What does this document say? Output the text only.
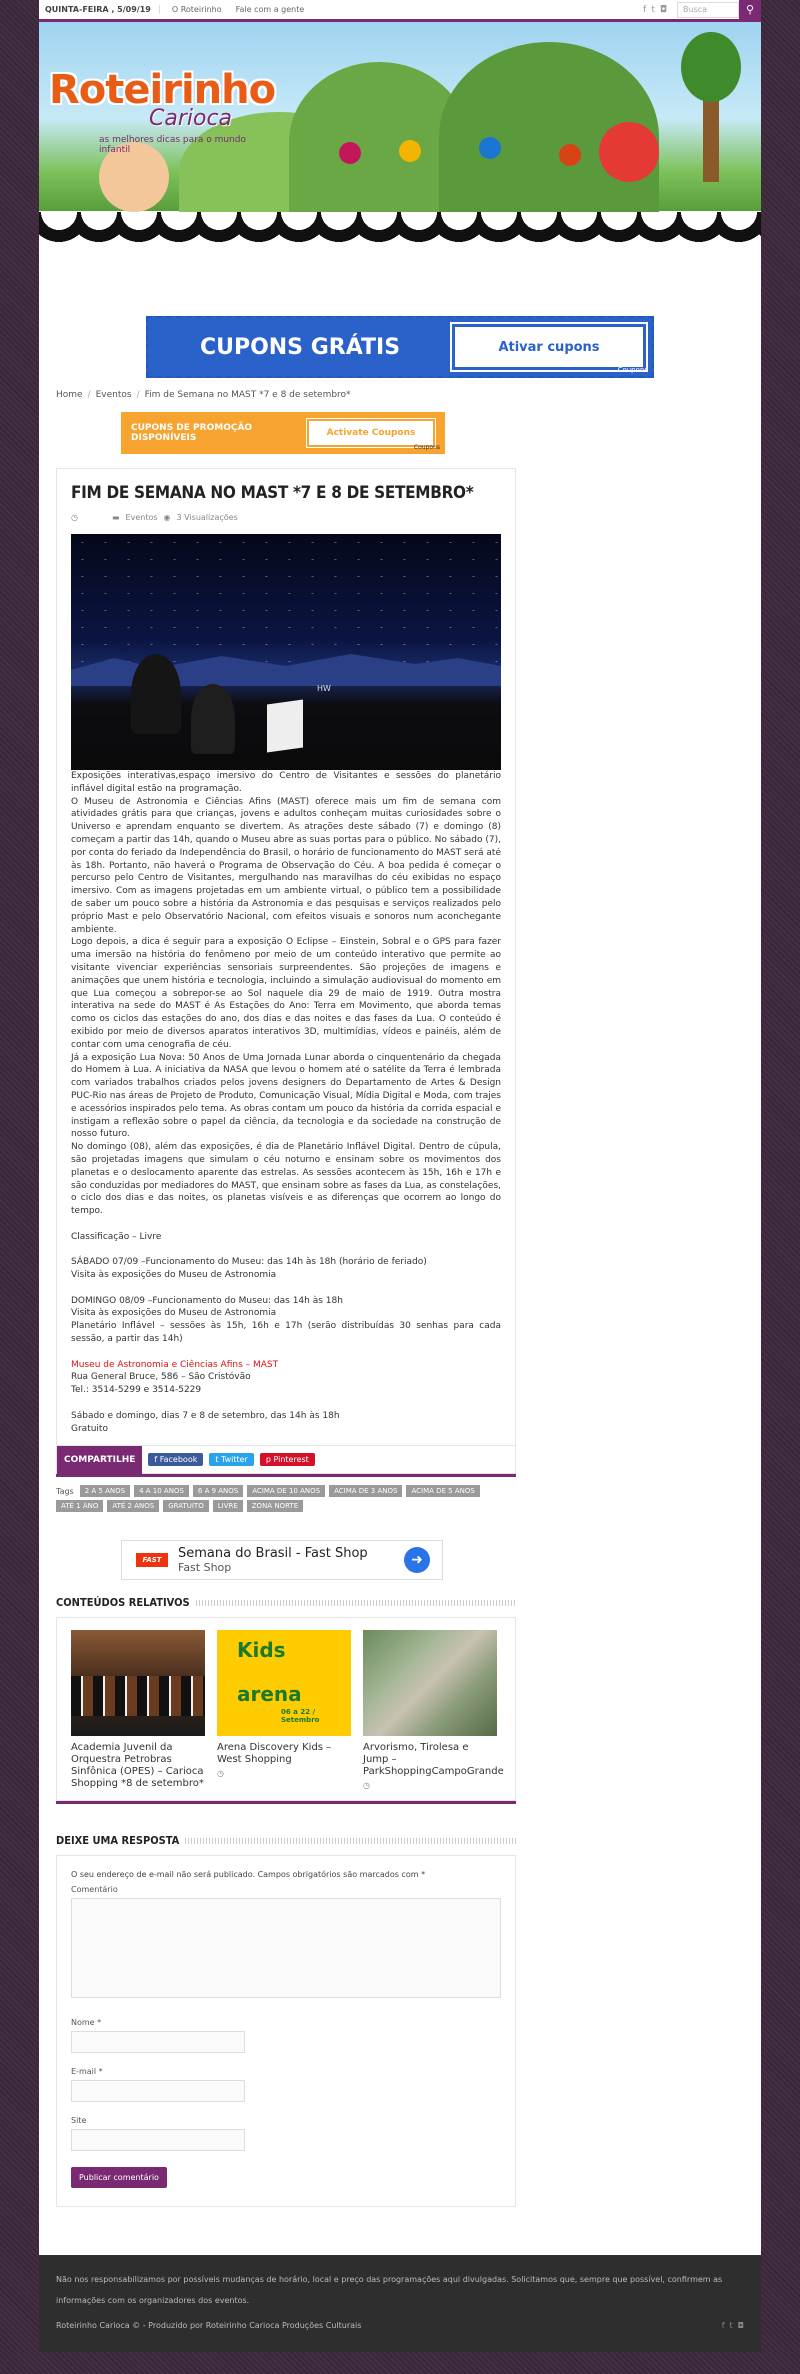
QUINTA-FEIRA , 5/09/19	O Roteirinho Fale com a gente	f t ◘	Busca	⚲
Roteirinho
Carioca
as melhores dicas para o mundo infantil
CUPONS GRÁTIS	Ativar cupons
Coupons
Home / Eventos / Fim de Semana no MAST *7 e 8 de setembro*
CUPONS DE PROMOÇÃO DISPONÍVEIS	Activate Coupons
Coupons
FIM DE SEMANA NO MAST *7 E 8 DE SETEMBRO*
◷	▬ Eventos ◉ 3 Visualizações
HW

Exposições interativas,espaço imersivo do Centro de Visitantes e sessões do planetário inflável digital estão na programação.

O Museu de Astronomia e Ciências Afins (MAST) oferece mais um fim de semana com atividades grátis para que crianças, jovens e adultos conheçam muitas curiosidades sobre o Universo e aprendam enquanto se divertem. As atrações deste sábado (7) e domingo (8) começam a partir das 14h, quando o Museu abre as suas portas para o público. No sábado (7), por conta do feriado da Independência do Brasil, o horário de funcionamento do MAST será até às 18h. Portanto, não haverá o Programa de Observação do Céu. A boa pedida é começar o percurso pelo Centro de Visitantes, mergulhando nas maravilhas do céu exibidas no espaço imersivo. Com as imagens projetadas em um ambiente virtual, o público tem a possibilidade de saber um pouco sobre a história da Astronomia e das pesquisas e serviços realizados pelo próprio Mast e pelo Observatório Nacional, com efeitos visuais e sonoros num aconchegante ambiente.

Logo depois, a dica é seguir para a exposição O Eclipse – Einstein, Sobral e o GPS para fazer uma imersão na história do fenômeno por meio de um conteúdo interativo que permite ao visitante vivenciar experiências sensoriais surpreendentes. São projeções de imagens e animações que unem história e tecnologia, incluindo a simulação audiovisual do momento em que Lua começou a sobrepor-se ao Sol naquele dia 29 de maio de 1919. Outra mostra interativa na sede do MAST é As Estações do Ano: Terra em Movimento, que aborda temas como os ciclos das estações do ano, dos dias e das noites e das fases da Lua. O conteúdo é exibido por meio de diversos aparatos interativos 3D, multimídias, vídeos e painéis, além de contar com uma cenografia de céu.

Já a exposição Lua Nova: 50 Anos de Uma Jornada Lunar aborda o cinquentenário da chegada do Homem à Lua. A iniciativa da NASA que levou o homem até o satélite da Terra é lembrada com variados trabalhos criados pelos jovens designers do Departamento de Artes & Design PUC-Rio nas áreas de Projeto de Produto, Comunicação Visual, Mídia Digital e Moda, com trajes e acessórios inspirados pelo tema. As obras contam um pouco da história da corrida espacial e instigam a reflexão sobre o papel da ciência, da tecnologia e da sociedade na construção de nosso futuro.

No domingo (08), além das exposições, é dia de Planetário Inflável Digital. Dentro de cúpula, são projetadas imagens que simulam o céu noturno e ensinam sobre os movimentos dos planetas e o deslocamento aparente das estrelas. As sessões acontecem às 15h, 16h e 17h e são conduzidas por mediadores do MAST, que ensinam sobre as fases da Lua, as constelações, o ciclo dos dias e das noites, os planetas visíveis e as diferenças que ocorrem ao longo do tempo.

Classificação – Livre

SÁBADO 07/09 –Funcionamento do Museu: das 14h às 18h (horário de feriado)

Visita às exposições do Museu de Astronomia

DOMINGO 08/09 –Funcionamento do Museu: das 14h às 18h

Visita às exposições do Museu de Astronomia

Planetário Inflável – sessões às 15h, 16h e 17h (serão distribuídas 30 senhas para cada sessão, a partir das 14h)

Museu de Astronomia e Ciências Afins – MAST

Rua General Bruce, 586 – São Cristóvão

Tel.: 3514-5299 e 3514-5229

Sábado e domingo, dias 7 e 8 de setembro, das 14h às 18h

Gratuito

COMPARTILHE	f Facebook	t Twitter	p Pinterest
Tags	2 A 5 ANOS	4 A 10 ANOS	6 A 9 ANOS	ACIMA DE 10 ANOS	ACIMA DE 3 ANOS	ACIMA DE 5 ANOS
ATÉ 1 ANO	ATÉ 2 ANOS	GRATUITO	LIVRE	ZONA NORTE
FAST	Semana do Brasil - Fast Shop
Fast Shop	➜
CONTEÚDOS RELATIVOS
Academia Juvenil da Orquestra Petrobras Sinfônica (OPES) – Carioca Shopping *8 de setembro*
Kids
arena
06 a 22 / Setembro
Arena Discovery Kids – West Shopping
◷
Arvorismo, Tirolesa e Jump – ParkShoppingCampoGrande
◷
DEIXE UMA RESPOSTA
O seu endereço de e-mail não será publicado. Campos obrigatórios são marcados com *
Comentário
Nome *
E-mail *
Site
Publicar comentário
Não nos responsabilizamos por possíveis mudanças de horário, local e preço das programações aqui divulgadas. Solicitamos que, sempre que possível, confirmem as informações com os organizadores dos eventos.
Roteirinho Carioca © - Produzido por Roteirinho Carioca Produções Culturais	f t ◘
